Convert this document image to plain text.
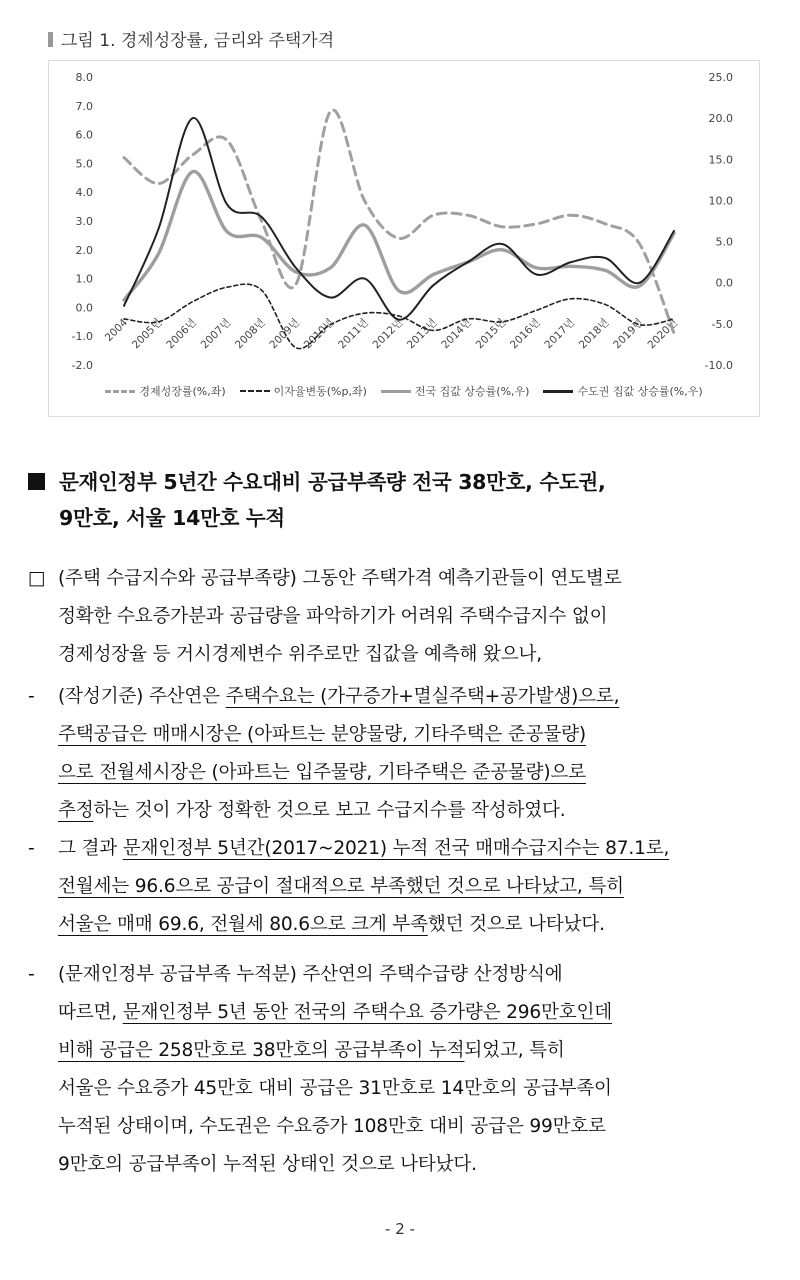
그림 1. 경제성장률, 금리와 주택가격
8.0
7.0
6.0
5.0
4.0
3.0
2.0
1.0
0.0
-1.0
-2.0
25.0
20.0
15.0
10.0
5.0
0.0
-5.0
-10.0
2004 2005년 2006년 2007년 2008년 2009년 2010년 2011년 2012년 2013년 2014년 2015년 2016년 2017년 2018년 2019년 2020년
경제성장률(%,좌)	이자율변동(%p,좌)	전국 집값 상승률(%,우)	수도권 집값 상승률(%,우)
문재인정부 5년간 수요대비 공급부족량 전국 38만호, 수도권,
9만호, 서울 14만호 누적
□ (주택 수급지수와 공급부족량) 그동안 주택가격 예측기관들이 연도별로
정확한 수요증가분과 공급량을 파악하기가 어려워 주택수급지수 없이
경제성장율 등 거시경제변수 위주로만 집값을 예측해 왔으나,
- (작성기준) 주산연은 주택수요는 (가구증가+멸실주택+공가발생)으로,
주택공급은 매매시장은 (아파트는 분양물량, 기타주택은 준공물량)
으로 전월세시장은 (아파트는 입주물량, 기타주택은 준공물량)으로
추정하는 것이 가장 정확한 것으로 보고 수급지수를 작성하였다.
- 그 결과 문재인정부 5년간(2017~2021) 누적 전국 매매수급지수는 87.1로,
전월세는 96.6으로 공급이 절대적으로 부족했던 것으로 나타났고, 특히
서울은 매매 69.6, 전월세 80.6으로 크게 부족했던 것으로 나타났다.
- (문재인정부 공급부족 누적분) 주산연의 주택수급량 산정방식에
따르면, 문재인정부 5년 동안 전국의 주택수요 증가량은 296만호인데
비해 공급은 258만호로 38만호의 공급부족이 누적되었고, 특히
서울은 수요증가 45만호 대비 공급은 31만호로 14만호의 공급부족이
누적된 상태이며, 수도권은 수요증가 108만호 대비 공급은 99만호로
9만호의 공급부족이 누적된 상태인 것으로 나타났다.
- 2 -
